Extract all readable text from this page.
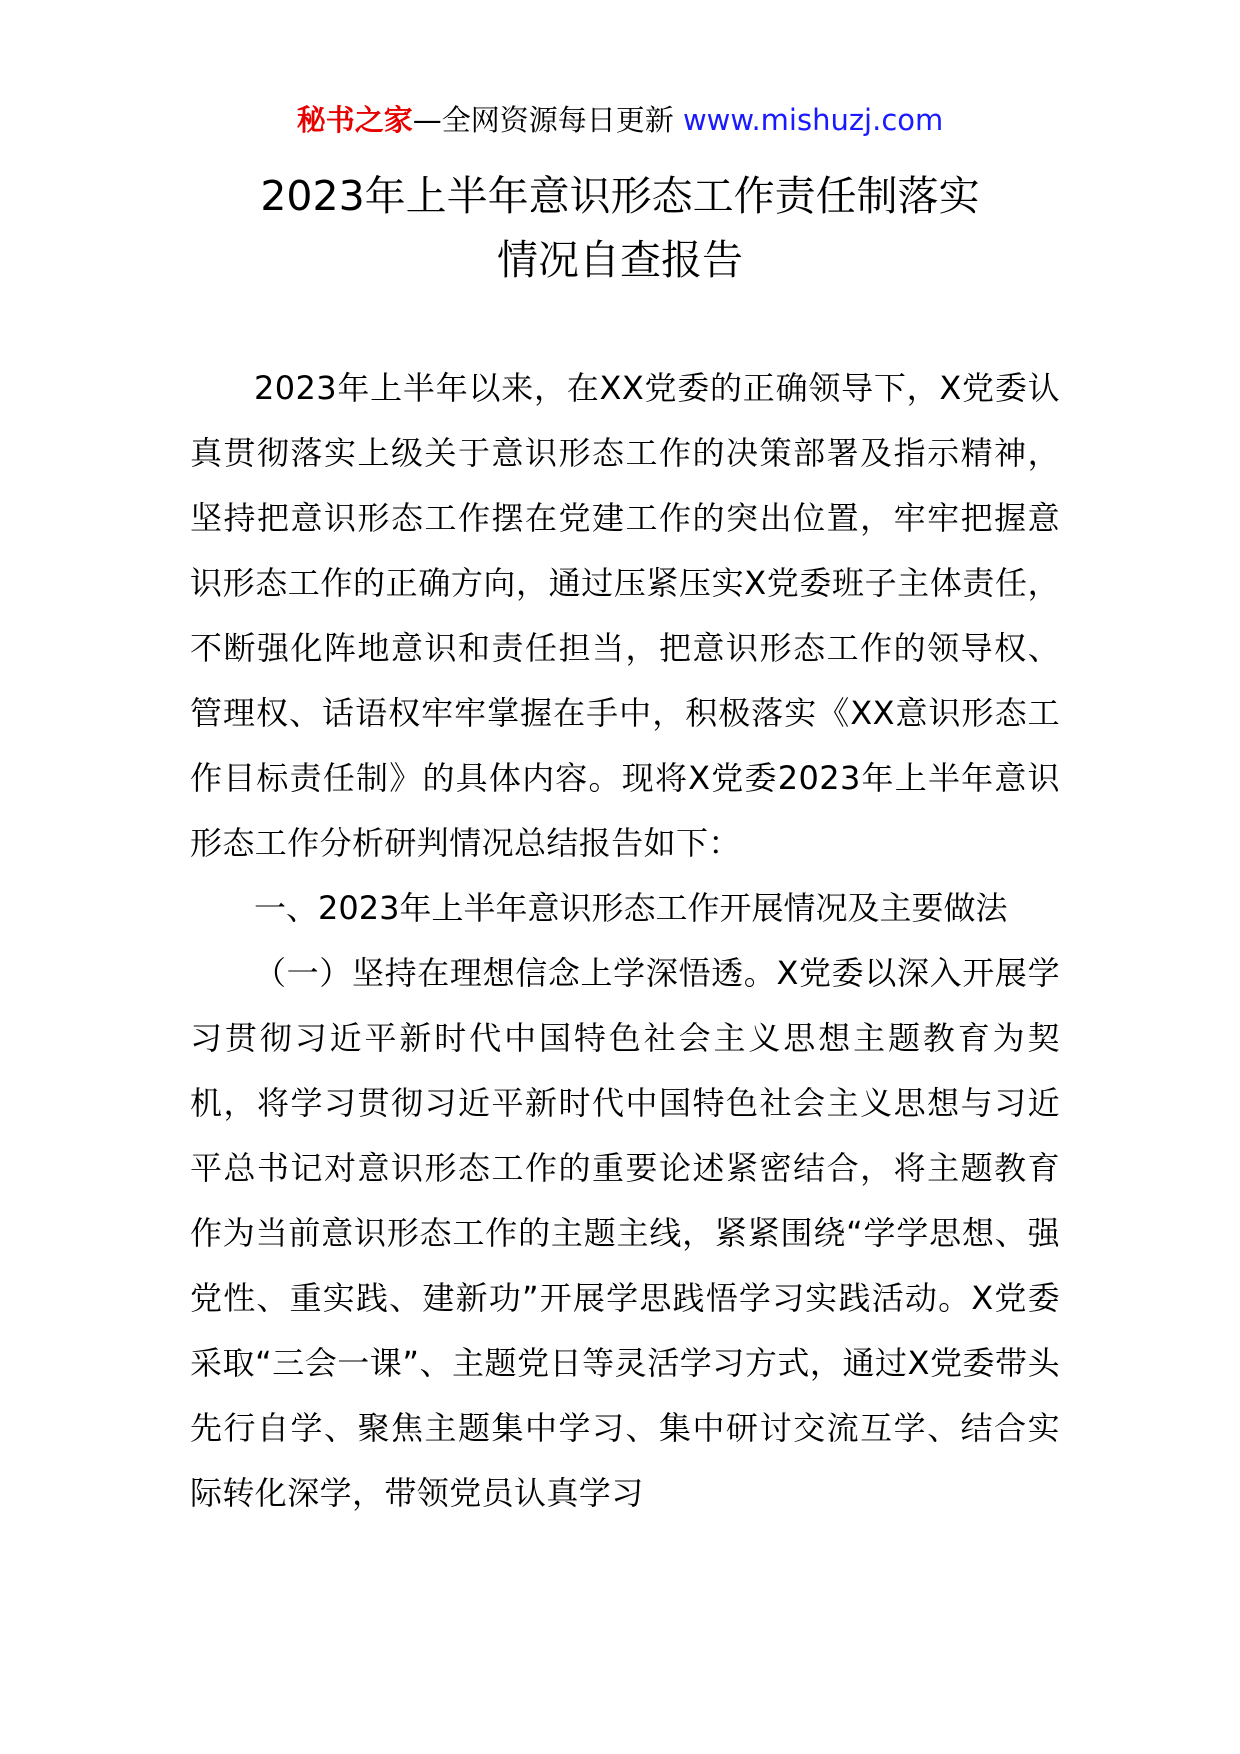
秘书之家—全网资源每日更新 www.mishuzj.com
2023年上半年意识形态工作责任制落实
情况自查报告

2023年上半年以来，在XX党委的正确领导下，X党委认真贯彻落实上级关于意识形态工作的决策部署及指示精神，坚持把意识形态工作摆在党建工作的突出位置，牢牢把握意识形态工作的正确方向，通过压紧压实X党委班子主体责任，不断强化阵地意识和责任担当，把意识形态工作的领导权、管理权、话语权牢牢掌握在手中，积极落实《XX意识形态工作目标责任制》的具体内容。现将X党委2023年上半年意识形态工作分析研判情况总结报告如下：

一、2023年上半年意识形态工作开展情况及主要做法

（一）坚持在理想信念上学深悟透。X党委以深入开展学习贯彻习近平新时代中国特色社会主义思想主题教育为契机，将学习贯彻习近平新时代中国特色社会主义思想与习近平总书记对意识形态工作的重要论述紧密结合，将主题教育作为当前意识形态工作的主题主线，紧紧围绕“学学思想、强党性、重实践、建新功”开展学思践悟学习实践活动。X党委采取“三会一课”、主题党日等灵活学习方式，通过X党委带头先行自学、聚焦主题集中学习、集中研讨交流互学、结合实际转化深学，带领党员认真学习
